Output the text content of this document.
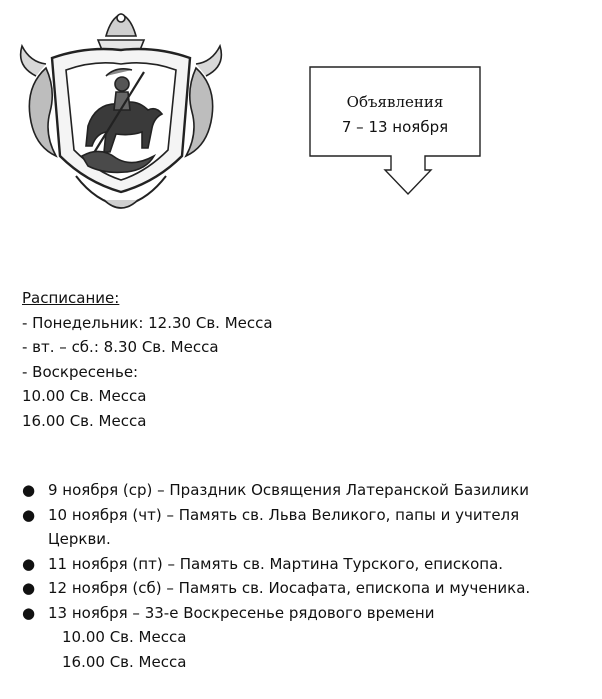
Объявления
7 – 13 ноября
Расписание:
- Понедельник: 12.30 Св. Месса
- вт. – сб.: 8.30 Св. Месса
- Воскресенье:
10.00 Св. Месса
16.00 Св. Месса
● 9 ноября (ср) – Праздник Освящения Латеранской Базилики
● 10 ноября (чт) – Память св. Льва Великого, папы и учителя
Церкви.
● 11 ноября (пт) – Память св. Мартина Турского, епископа.
● 12 ноября (сб) – Память св. Иосафата, епископа и мученика.
● 13 ноября – 33-е Воскресенье рядового времени
10.00 Св. Месса
16.00 Св. Месса
